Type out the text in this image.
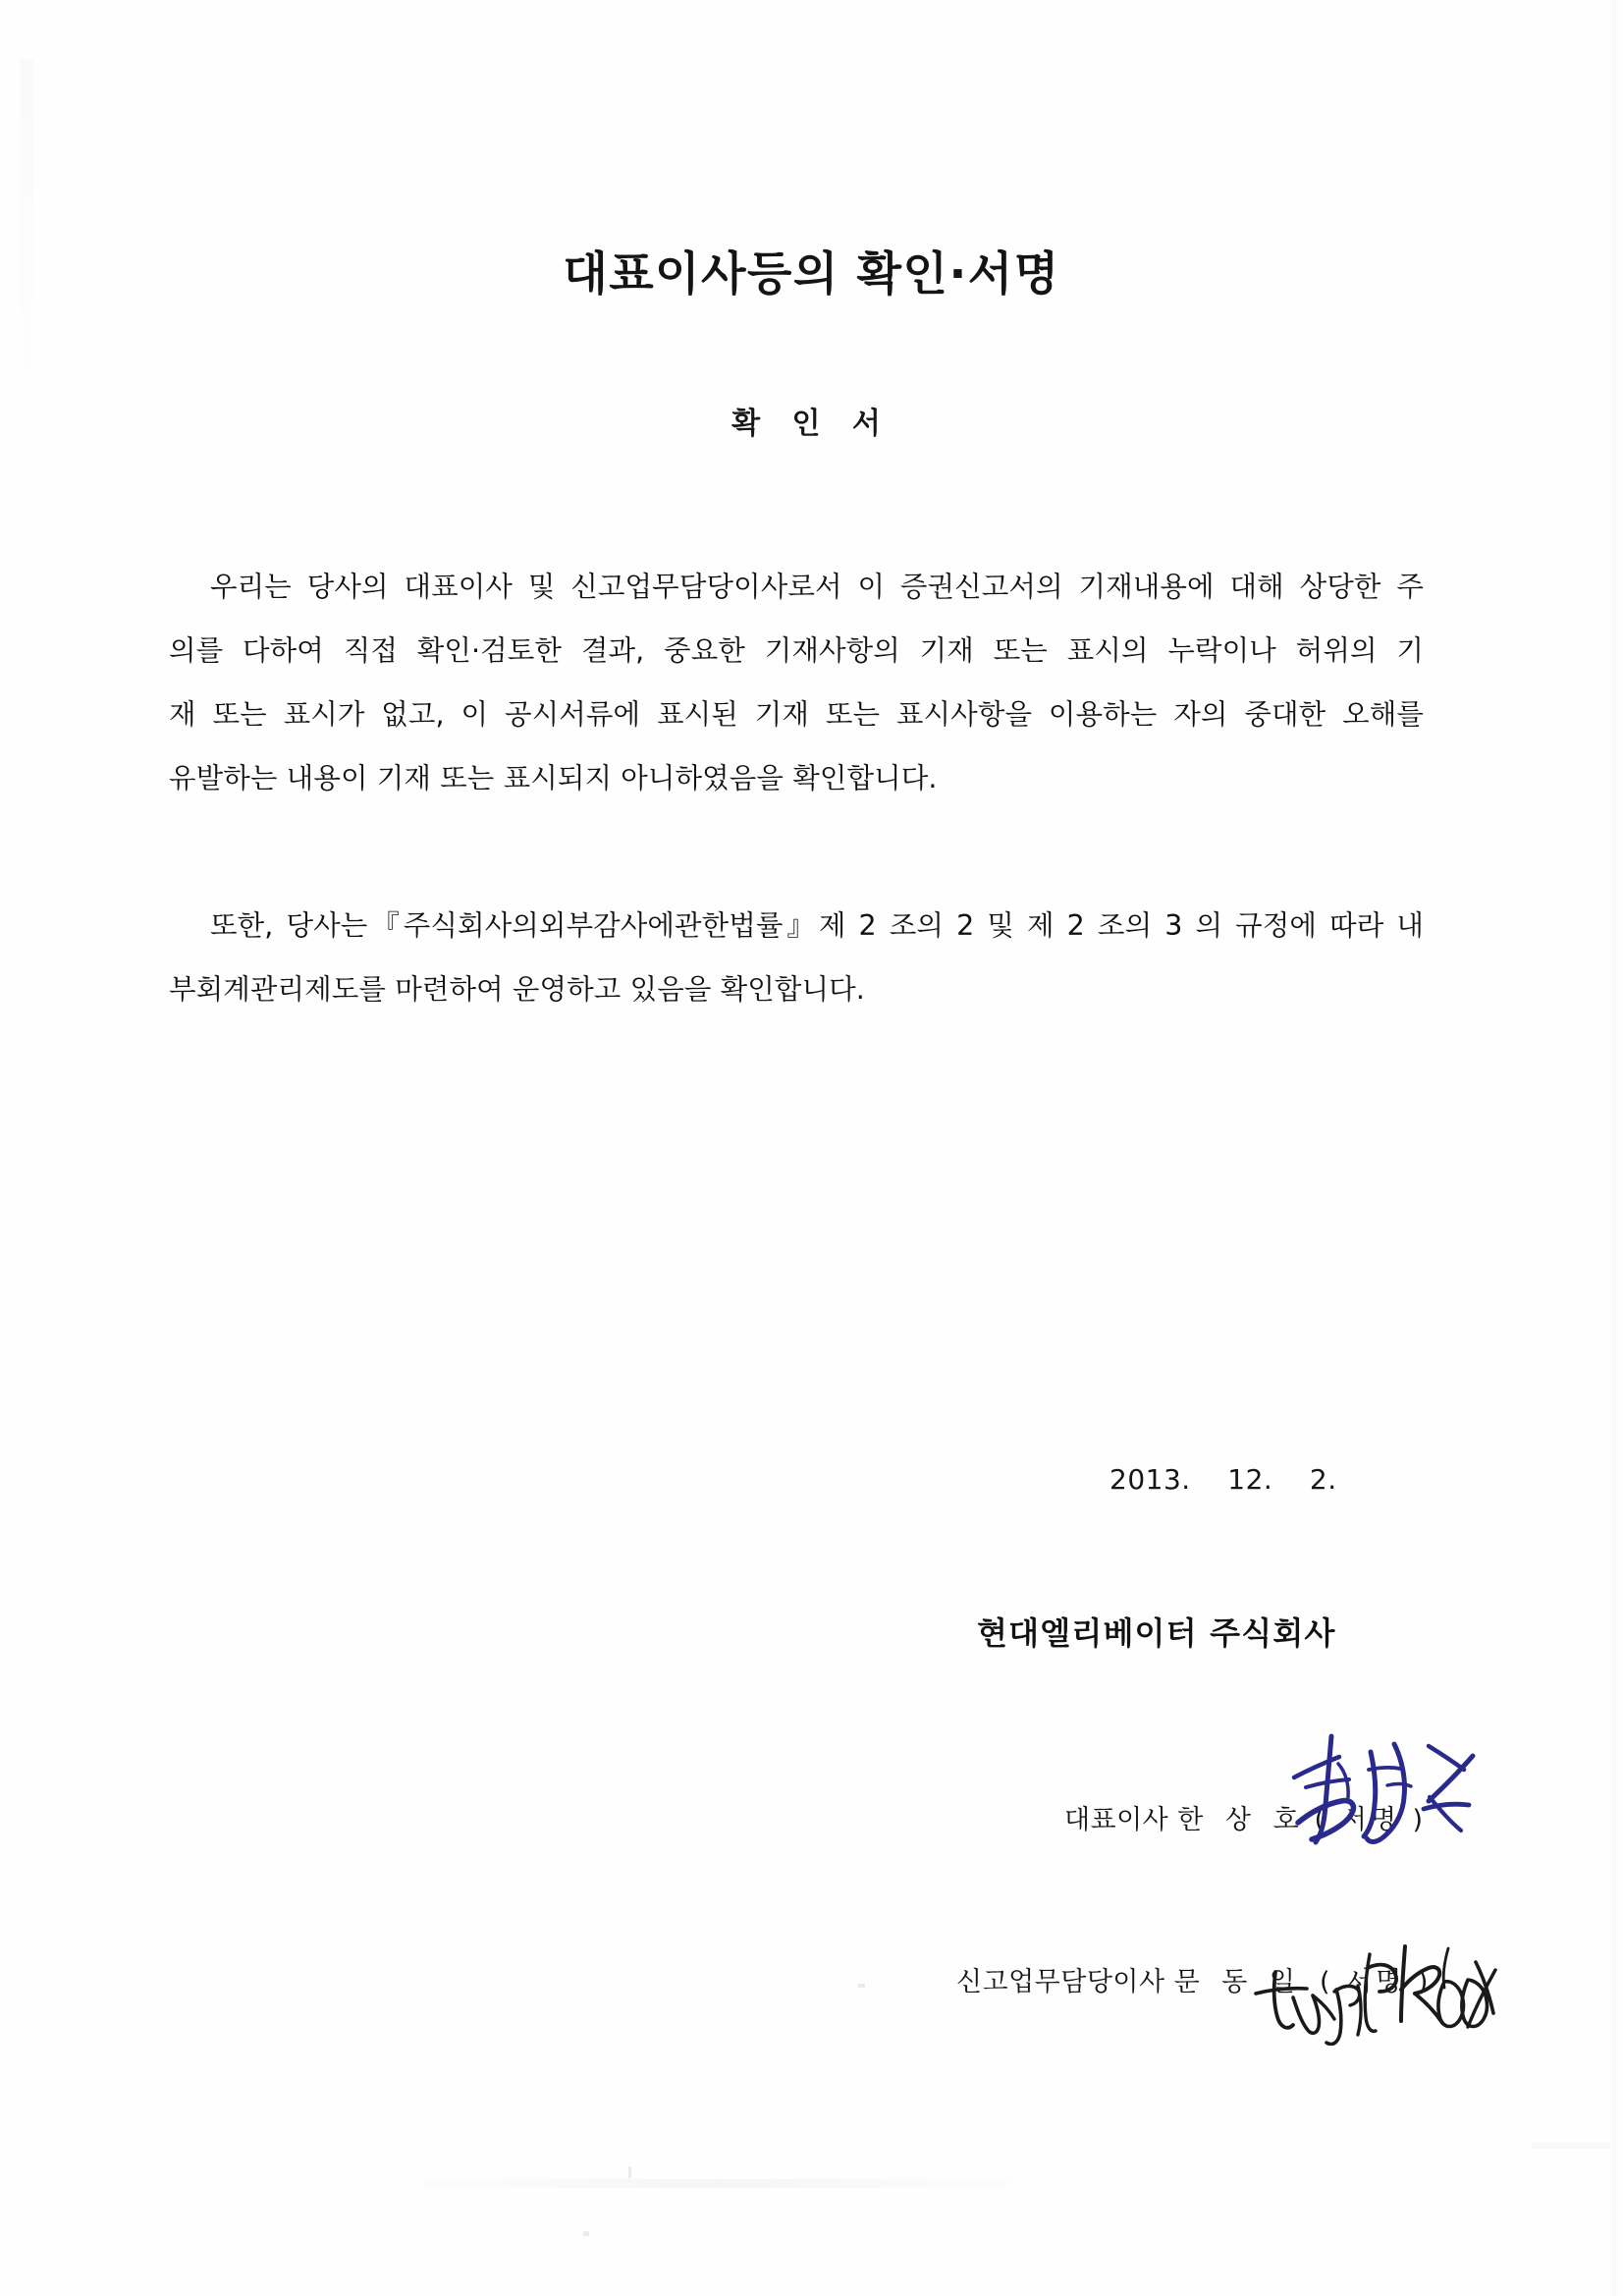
대표이사등의 확인·서명
확 인 서
우리는 당사의 대표이사 및 신고업무담당이사로서 이 증권신고서의 기재내용에 대해 상당한 주
의를 다하여 직접 확인·검토한 결과, 중요한 기재사항의 기재 또는 표시의 누락이나 허위의 기
재 또는 표시가 없고, 이 공시서류에 표시된 기재 또는 표시사항을 이용하는 자의 중대한 오해를
유발하는 내용이 기재 또는 표시되지 아니하였음을 확인합니다.
또한, 당사는『주식회사의외부감사에관한법률』제 2 조의 2 및 제 2 조의 3 의 규정에 따라 내
부회계관리제도를 마련하여 운영하고 있음을 확인합니다.
2013.    12.    2.
현대엘리베이터 주식회사

대표이사 한 상 호 ( 서명 )

신고업무담당이사 문 동 일 ( 서명 )
